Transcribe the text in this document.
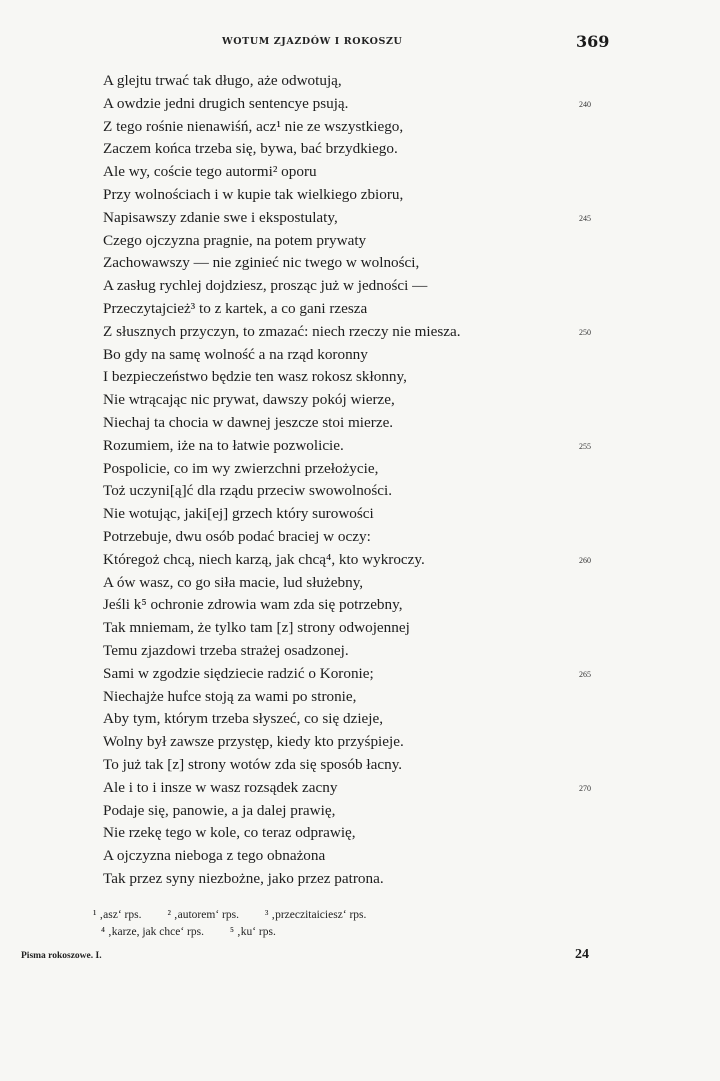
WOTUM ZJAZDÓW I ROKOSZU	369
A glejtu trwać tak długo, aże odwotują,
A owdzie jedni drugich sentencye psują.	240
Z tego rośnie nienawiśń, acz¹ nie ze wszystkiego,
Zaczem końca trzeba się, bywa, bać brzydkiego.
Ale wy, coście tego autormi² oporu
Przy wolnościach i w kupie tak wielkiego zbioru,
Napisawszy zdanie swe i ekspostulaty,	245
Czego ojczyzna pragnie, na potem prywaty
Zachowawszy — nie zginieć nic twego w wolności,
A zasług rychlej dojdziesz, prosząc już w jedności —
Przeczytajcież³ to z kartek, a co gani rzesza
Z słusznych przyczyn, to zmazać: niech rzeczy nie miesza.	250
Bo gdy na samę wolność a na rząd koronny
I bezpieczeństwo będzie ten wasz rokosz skłonny,
Nie wtrącając nic prywat, dawszy pokój wierze,
Niechaj ta chocia w dawnej jeszcze stoi mierze.
Rozumiem, iże na to łatwie pozwolicie.	255
Pospolicie, co im wy zwierzchni przełożycie,
Toż uczyni[ą]ć dla rządu przeciw swowolności.
Nie wotując, jaki[ej] grzech który surowości
Potrzebuje, dwu osób podać braciej w oczy:
Któregoż chcą, niech karzą, jak chcą⁴, kto wykroczy.	260
A ów wasz, co go siła macie, lud służebny,
Jeśli k⁵ ochronie zdrowia wam zda się potrzebny,
Tak mniemam, że tylko tam [z] strony odwojennej
Temu zjazdowi trzeba strażej osadzonej.
Sami w zgodzie siędziecie radzić o Koronie;	265
Niechajże hufce stoją za wami po stronie,
Aby tym, którym trzeba słyszeć, co się dzieje,
Wolny był zawsze przystęp, kiedy kto przyśpieje.
To już tak [z] strony wotów zda się sposób łacny.
Ale i to i insze w wasz rozsądek zacny	270
Podaje się, panowie, a ja dalej prawię,
Nie rzekę tego w kole, co teraz odprawię,
A ojczyzna nieboga z tego obnażona
Tak przez syny niezbożne, jako przez patrona.
¹ ‚asz‘ rps. ² ‚autorem‘ rps. ³ ‚przeczitaiciesz‘ rps.
⁴ ‚karze, jak chce‘ rps. ⁵ ‚ku‘ rps.
Pisma rokoszowe. I.	24
